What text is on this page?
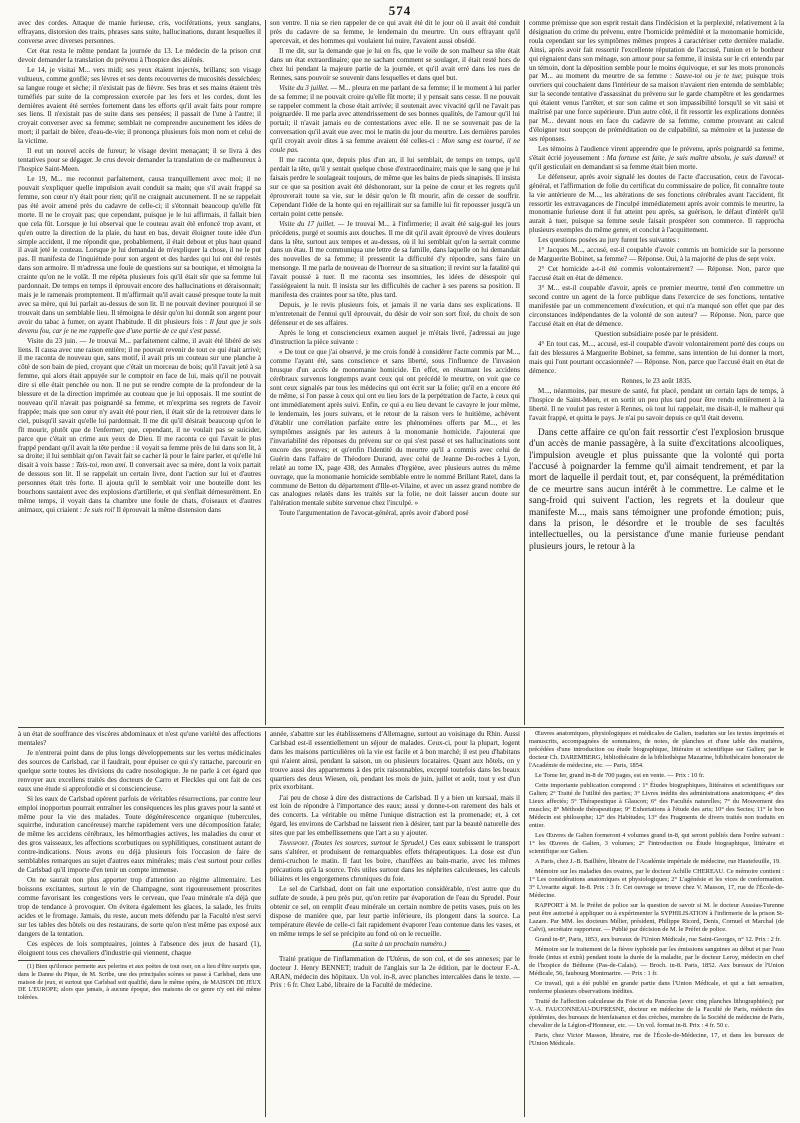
574

avec des cordes. Attaque de manie furieuse, cris, vociférations, yeux sanglans, effrayans, distorsion des traits, phrases sans suite, hallucinations, durant lesquelles il converse avec diverses personnes.

Cet état resta le même pendant la journée du 13. Le médecin de la prison crut devoir demander la translation du prévenu à l'hospice des aliénés.

Le 14, je visitai M... vers midi; ses yeux étaient injectés, brillans; son visage vultueux, comme gonflé; ses lèvres et ses dents recouvertes de mucosités desséchées; sa langue rouge et sèche; il n'existait pas de fièvre. Ses bras et ses mains étaient très tuméfiés par suite de la compression exercée par les fers et les cordes, dont les dernières avaient été serrées fortement dans les efforts qu'il avait faits pour rompre ses liens. Il n'existait pas de suite dans ses pensées; il passait de l'une à l'autre; il croyait converser avec sa femme; semblait ne comprendre aucunement les idées de mort; il parlait de bière, d'eau-de-vie; il prononça plusieurs fois mon nom et celui de la victime.

Il eut un nouvel accès de fureur; le visage devint menaçant; il se livra à des tentatives pour se dégager. Je crus devoir demander la translation de ce malheureux à l'hospice Saint-Meen.

Le 19, M... me reconnut parfaitement, causa tranquillement avec moi; il ne pouvait s'expliquer quelle impulsion avait conduit sa main; que s'il avait frappé sa femme, son cœur n'y était pour rien; qu'il ne craignait aucunement. Il ne se rappelait pas été avoir amené près du cadavre de celle-ci; il s'étonnait beaucoup qu'elle fût morte. Il ne le croyait pas; que cependant, puisque je le lui affirmais, il fallait bien que cela fût. Lorsque je lui observai que le couteau avait été enfoncé trop avant, et qu'en outre la direction de la plaie, du haut en bas, devait éloigner toute idée d'un simple accident, il me répondit que, probablement, il était debout et plus haut quand il avait jeté le couteau. Lorsque je lui demandai de m'expliquer la chose, il ne le put pas. Il manifesta de l'inquiétude pour son argent et des hardes qui lui ont été restés dans son armoire. Il m'adressa une foule de questions sur sa boutique, et témoigna la crainte qu'on ne le volât. Il me répéta plusieurs fois qu'il était sûr que sa femme lui pardonnait. De temps en temps il éprouvait encore des hallucinations et déraisonnait; mais je le ramenais promptement. Il m'affirmait qu'il avait causé presque toute la nuit avec sa mère, qui lui parlait au-dessus de son lit. Il ne pouvait deviner pourquoi il se trouvait dans un semblable lieu. Il témoigna le désir qu'on lui donnât son argent pour avoir du tabac à fumer, on ayant l'habitude. Il dit plusieurs fois : Il faut que je sois devenu fou, car je ne me rappelle que d'une partie de ce qui s'est passé.

Visite du 23 juin. — Je trouvai M... parfaitement calme, il avait été libéré de ses liens. Il causa avec une raison entière; il ne pouvait revenir de tout ce qui était arrivé; il me raconta de nouveau que, sans motif, il avait pris un couteau sur une planche à côté de son bain de pied, croyant que c'était un morceau de bois; qu'il l'avait jeté à sa femme, qui alors était appuyée sur le comptoir en face de lui, mais qu'il ne pouvait dire si elle était penchée ou non. Il ne put se rendre compte de la profondeur de la blessure et de la direction imprimée au couteau que je lui opposais. Il me soutint de nouveau qu'il n'avait pas poignardé sa femme, et m'exprima ses regrets de l'avoir frappée; mais que son cœur n'y avait été pour rien, il était sûr de la retrouver dans le ciel, puisqu'il savait qu'elle lui pardonnait. Il me dit qu'il désirait beaucoup qu'on le fît mourir, plutôt que de l'enfermer; que, cependant, il ne voulait pas se suicider, parce que c'était un crime aux yeux de Dieu. Il me raconta ce qui l'avait le plus frappé pendant qu'il avait la tête perdue : il voyait sa femme près de lui dans son lit, à sa droite; il lui semblait qu'on l'avait fait se cacher là pour le faire parler, et qu'elle lui disait à voix basse : Tais-toi, mon ami. Il conversait avec sa mère, dont la voix partait de dessous son lit. Il se rappelait un certain livre, dont l'action sur lui et d'autres personnes était très forte. Il ajouta qu'il le semblait voir une bouteille dont les bouchons sautaient avec des explosions d'artillerie, et qui s'enflait démesurément. En même temps, il voyait dans la chambre une foule de chats, d'oiseaux et d'autres animaux, qui criaient : Je suis roi! Il éprouvait la même distension dans

son ventre. Il nia se rien rappeler de ce qui avait été dit le jour où il avait été conduit près du cadavre de sa femme, le lendemain du meurtre. Un ours effrayant qu'il apercevait, et des hommes qui voulaient lui nuire, l'avaient aussi obsédé.

Il me dit, sur la demande que je lui en fis, que le voile de son malheur sa tête était dans un état extraordinaire; que ne sachant comment se soulager, il était resté hors de chez lui pendant la majeure partie de la journée, et qu'il avait erré dans les rues de Rennes, sans pouvoir se souvenir dans lesquelles et dans quel but.

Visite du 3 juillet. — M... pleura en me parlant de sa femme; il le moment à lui parler de sa femme; il ne pouvait croire qu'elle fût morte; il y pensait sans cesse. Il ne pouvait se rappeler comment la chose était arrivée; il soutenait avec vivacité qu'il ne l'avait pas poignardée. Il me parla avec attendrissement de ses bonnes qualités, de l'amour qu'il lui portait; il n'avait jamais eu de contestations avec elle. Il ne se souvenait pas de la conversation qu'il avait eue avec moi le matin du jour du meurtre. Les dernières paroles qu'il croyait avoir dites à sa femme avaient été celles-ci : Mon sang est tourné, il ne coule pas.

Il me raconta que, depuis plus d'un an, il lui semblait, de temps en temps, qu'il perdait la tête, qu'il y sentait quelque chose d'extraordinaire; mais que le sang que je lui faisais perdre le soulageait toujours, de même que les bains de pieds sinapisés. Il insista sur ce que sa position avait été déshonorant, sur la peine de cœur et les regrets qu'il éprouverait toute sa vie, sur le désir qu'on le fît mourir, afin de cesser de souffrir. Cependant l'idée de la honte qui en rejaillirait sur sa famille lui fit repousser jusqu'à un certain point cette pensée.

Visite du 17 juillet. — Je trouvai M... à l'infirmerie; il avait été saig-gué les jours précédens, purgé et soumis aux douches. Il me dit qu'il avait éprouvé de vives douleurs dans la tête, surtout aux tempes et au-dessus, où il lui semblait qu'on la serrait comme dans un étau. Il me communiqua une lettre de sa famille, dans laquelle on lui demandait des nouvelles de sa femme; il pressentit la difficulté d'y répondre, sans faire un mensonge. Il me parla de nouveau de l'horreur de sa situation; il revint sur la fatalité qui l'avait poussé à tuer. Il me raconta ses insomnies, les idées de désespoir qui l'assiégeaient la nuit. Il insista sur les difficultés de cacher à ses parens sa position. Il manifesta des craintes pour sa tête, plus tard.

Depuis, je le revis plusieurs fois, et jamais il ne varia dans ses explications. Il m'entretenait de l'ennui qu'il éprouvait, du désir de voir son sort fixé, du choix de son défenseur et de ses affaires.

Après le long et consciencieux examen auquel je m'étais livré, j'adressai au juge d'instruction la pièce suivante :

« De tout ce que j'ai observé, je me crois fondé à considérer l'acte commis par M..., comme l'ayant été, sans conscience et sans liberté, sous l'influence de l'invasion brusque d'un accès de monomanie homicide. En effet, en résumant les accidens cérébraux survenus longtemps avant ceux qui ont précédé le meurtre, on voit que ce sont ceux signalés par tous les médecins qui ont écrit sur la folie; qu'il en a encore été de même, si l'on passe à ceux qui ont eu lieu lors de la perpétration de l'acte, à ceux qui ont immédiatement après suivi. Enfin, ce qui a eu lieu devant le cavayre le jour même, le lendemain, les jours suivans, et le retour de la raison vers le huitième, achèvent d'établir une corrélation parfaite entre les phénomènes offerts par M..., et les symptômes assignés par les auteurs à la monomanie homicide. J'ajouterai que l'invariabilité des réponses du prévenu sur ce qui s'est passé et ses hallucinations sont encore des preuves; et qu'enfin l'identité du meurtre qu'il a commis avec celui de Guérin dans l'affaire de Théodore Durand, avec celui de Jeanne De-rocbes à Lyon, relaté au tome IX, page 438, des Annales d'hygiène, avec plusieurs autres du même ouvrage, que la monomanie homicide semblable entre le nommé Brillant Ratel, dans la commune de Betton du département d'Ille-et-Vilaine, et avec un assez grand nombre de cas analogues relatés dans les traités sur la folie, ne doit laisser aucun doute sur l'altération mentale subite survenue chez l'inculpé. »

Toute l'argumentation de l'avocat-général, après avoir d'abord posé

comme prémisse que son esprit restait dans l'indécision et la perplexité, relativement à la désignation du crime du prévenu, entre l'homicide prémédité et la monomanie homicide, roula cependant sur les symptômes mêmes propres à caractériser cette dernière maladie. Ainsi, après avoir fait ressortir l'excellente réputation de l'accusé, l'union et le bonheur qui régnaient dans son ménage, son amour pour sa femme, il insista sur le cri entendu par un témoin, dont la déposition semble pour le moins équivoque, et sur les mots prononcés par M... au moment du meurtre de sa femme : Sauve-toi ou je te tue; puisque trois ouvriers qui couchaient dans l'intérieur de sa maison n'avaient rien entendu de semblable; sur la seconde tentative d'assassinat du prévenu sur le garde champêtre et les gendarmes qui étaient venus l'arrêter, et sur son calme et son impassibilité lorsqu'il se vit saisi et maîtrisé par une force supérieure. D'un autre côté, il fit ressortir les explications données par M... devant nous en face du cadavre de sa femme, comme prouvant au calcul d'éloigner tout soupçon de préméditation ou de culpabilité, sa mémoire et la justesse de ses réponses.

Les témoins à l'audience virent apprendre que le prévenu, après poignardé sa femme, s'était écrié joyeusement : Ma fortune est faite, je suis maître absolu, je suis damné! et qu'il gesticulait en demandant si sa femme était bien morte.

Le défenseur, après avoir signalé les doutes de l'acte d'accusation, ceux de l'avocat-général, et l'affirmation de folie du certificat du commissaire de police, fit connaître toute la vie antérieure de M..., les altérations de ses fonctions cérébrales avant l'accident, fit ressortir les extravagances de l'inculpé immédiatement après avoir commis le meurtre, la monomanie furieuse dont il fut atteint peu après, sa guérison, le défaut d'intérêt qu'il aurait à tuer, puisque sa femme seule faisait prospérer son commerce. Il rapprocha plusieurs exemples du même genre, et conclut à l'acquittement.

Les questions posées au jury furent les suivantes :

1° Jacques M..., accusé, est-il coupable d'avoir commis un homicide sur la personne de Marguerite Bobinet, sa femme? — Réponse. Oui, à la majorité de plus de sept voix.

2° Cet homicide a-t-il été commis volontairement? — Réponse. Non, parce que l'accusé était en état de démence.

3° M... est-il coupable d'avoir, après ce premier meurtre, tenté d'en commettre un second contre un agent de la force publique dans l'exercice de ses fonctions, tentative manifestée par un commencement d'exécution, et qui n'a manqué son effet que par des circonstances indépendantes de la volonté de son auteur? — Réponse. Non, parce que l'accusé était en état de démence.

Question subsidiaire posée par le président.

4° En tout cas, M..., accusé, est-il coupable d'avoir volontairement porté des coups ou fait des blessures à Marguerite Bobinet, sa femme, sans intention de lui donner la mort, mais qui l'ont pourtant occasionnée? — Réponse. Non, parce que l'accusé était en état de démence.

Rennes, le 23 août 1835.

M..., néanmoins, par mesure de santé, fut placé, pendant un certain laps de temps, à l'hospice de Saint-Meen, et en sortit un peu plus tard pour être rendu entièrement à la liberté. Il ne voulut pas rester à Rennes, où tout lui rappelait, me disait-il, le malheur qui l'avait frappé, et quitta le pays. Je n'ai pu savoir depuis ce qu'il était devenu.

Dans cette affaire ce qu'on fait ressortir c'est l'explosion brusque d'un accès de manie passagère, à la suite d'excitations alcooliques, l'impulsion aveugle et plus puissante que la volonté qui porta l'accusé à poignarder la femme qu'il aimait tendrement, et par la mort de laquelle il perdait tout, et, par conséquent, la préméditation de ce meurtre sans aucun intérêt à le commettre. Le calme et le sang-froid qui suivent l'action, les regrets et la douleur que manifeste M..., mais sans témoigner une profonde émotion; puis, dans la prison, le désordre et le trouble de ses facultés intellectuelles, ou la persistance d'une manie furieuse pendant plusieurs jours, le retour à la

à un état de souffrance des viscères abdominaux et n'est qu'une variété des affections mentales?

Je n'entrerai point dans de plus longs développements sur les vertus médicinales des sources de Carlsbad, car il faudrait, pour épuiser ce qui s'y rattache, parcourir en quelque sorte toutes les divisions du cadre nosologique. Je ne parle à cet égard que renvoyer aux excellens traités des docteurs de Carro et Fleckles qui ont fait de ces eaux une étude si approfondie et si consciencieuse.

Si les eaux de Carlsbad opèrent parfois de véritables résurrections, par contre leur emploi inopportun pourrait entraîner les conséquences les plus graves pour la santé et même pour la vie des malades. Toute dégénérescence organique (tubercules, squirrhe, induration cancéreuse) marche rapidement vers une décomposition fatale; de même les accidens cérébraux, les hémorrhagies actives, les maladies du cœur et des gros vaisseaux, les affections scorbutiques ou syphilitiques, constituent autant de contre-indications. Nous avons eu déjà plusieurs fois l'occasion de faire de semblables remarques au sujet d'autres eaux minérales; mais c'est surtout pour celles de Carlsbad qu'il importe d'en tenir un compte immense.

On ne saurait non plus apporter trop d'attention au régime alimentaire. Les boissons excitantes, surtout le vin de Champagne, sont rigoureusement proscrites comme favorisant les congestions vers le cerveau, que l'eau minérale n'a déjà que trop de tendance à provoquer. On évitera également les glaces, la salade, les fruits acides et le fromage. Jamais, du reste, aucun mets défendu par la Faculté n'est servi sur les tables des hôtels ou des restaurans, de sorte qu'on n'est même pas exposé aux dangers de la tentation.

Ces espèces de lois somptuaires, jointes à l'absence des jeux de hasard (1), éloignent tous ces chevaliers d'industrie qui viennent, chaque

(1) Bien qu'ilorace permette aux pelerins et aux poètes de tout oser, on a lieu d'être surpris que, dans le Danne du Pique, de M. Scribe, une des principales scènes se passe à Carlsbad, dans une maison de jeux, et surtout que Carlsbad soit qualifié, dans le même opéra, de MAISON DE JEUX DE L'EUROPE; alors que jamais, à aucune époque, des maisons de ce genre n'y ont été même tolérées.

année, s'abattre sur les établissemens d'Allemagne, surtout au voisinage du Rhin. Aussi Carlsbad est-il essentiellement un séjour de malades. Ceux-ci, pour la plupart, logent dans les maisons particulières où la vie est facile et à bon marché; il est peu d'habitans qui n'aient ainsi, pendant la saison, un ou plusieurs locataires. Quant aux hôtels, on y trouve aussi des appartemens à des prix raisonnables, excepté toutefois dans les beaux quartiers des deux Wiesen, où, pendant les mois de juin, juillet et août, tout y est d'un prix exorbitant.

J'ai peu de chose à dire des distractions de Carlsbad. Il y a bien un kursaal, mais il est loin de répondre à l'importance des eaux; aussi y donne-t-on rarement des bals et des concerts. La véritable ou même l'unique distraction est la promenade; et, à cet égard, les environs de Carlsbad ne laissent rien à désirer, tant par la beauté naturelle des sites que par les embellissemens que l'art a su y ajouter.

Transport. (Toutes les sources, surtout le Sprudel.) Ces eaux subissent le transport sans s'altérer, et produisent de remarquables effets thérapeutiques. La dose est d'un demi-cruchon le matin. Il faut les boire, chauffées au bain-marie, avec les mêmes précautions qu'à la source. Très utiles surtout dans les néphrites calculeuses, les calculs biliaires et les engorgemens chroniques du foie.

Le sel de Carlsbad, dont on fait une exportation considérable, n'est autre que du sulfate de soude, à peu près pur, qu'on retire par évaporation de l'eau du Sprudel. Pour obtenir ce sel, on remplit d'eau minérale un certain nombre de petits vases, puis on les dispose de manière que, par leur partie inférieure, ils plongent dans la source. La température élevée de celle-ci fait rapidement évaporer l'eau contenue dans les vases, et en même temps le sel se précipite au fond où on le recueille.

(La suite à un prochain numéro.)

Traité pratique de l'inflammation de l'Utérus, de son col, et de ses annexes; par le docteur J. Henry BENNET; traduit de l'anglais sur la 2e édition, par le docteur F.-A. ARAN, médecin des hôpitaux. Un vol. in-8, avec planches intercalées dans le texte. — Prix : 6 fr. Chez Labé, libraire de la Faculté de médecine.

Œuvres anatomiques, physiologiques et médicales de Galien, traduites sur les textes imprimés et manuscrits, accompagnées de sommaires, de notes, de planches et d'une table des matières, précédées d'une introduction ou étude biographique, littéraire et scientifique sur Galien; par le docteur Ch. DAREMBERG, bibliothécaire de la bibliothèque Mazarine, bibliothécaire honoraire de l'Académie de médecine, etc. — Paris, 1854.

Le Tome Ier, grand in-8 de 700 pages, est en vente. — Prix : 10 fr.

Cette importante publication comprend : 1° Études biographiques, littéraires et scientifiques sur Galien; 2° Traité de l'utilité des parties; 3° Livres inédits des administrations anatomiques; 4° des Lieux affectés; 5° Thérapeutique à Glaucon; 6° des Facultés naturelles; 7° du Mouvement des muscles; 8° Méthode thérapeutique; 9° Exhortations à l'étude des arts; 10° des Sectes; 11° le bon Médecin est philosophe; 12° des Habitudes; 13° des Fragments de divers traités non traduits en entier.

Les Œuvres de Galien formeront 4 volumes grand in-8, qui seront publiés dans l'ordre suivant : 1° les Œuvres de Galien, 3 volumes; 2° l'introduction ou Étude biographique, littéraire et scientifique sur Galien.

A Paris, chez J.-B. Baillière, libraire de l'Académie impériale de médecine, rue Hautefeuille, 19.

Mémoire sur les maladies des ovaires, par le docteur Achille CHEREAU. Ce mémoire contient : 1° Les considérations anatomiques et physiologiques; 2° L'agénésie et les vices de conformation. 3° L'ovarite aiguë. In-8. Prix : 3 fr. Cet ouvrage se trouve chez V. Masson, 17, rue de l'École-de-Médecine.

RAPPORT à M. le Préfet de police sur la question de savoir si M. le docteur Aussias-Turenne peut être autorisé à appliquer ou à expérimenter la SYPHILISATION à l'infirmerie de la prison St-Lazare. Par MM. les docteurs Mélier, président, Philippe Ricord, Denis, Cornuel et Marchal (de Calvi), secrétaire rapporteur. — Publié par décision de M. le Préfet de police.

Grand in-8°, Paris, 1853, aux bureaux de l'Union Médicale, rue Saint-Georges, n° 12. Prix : 2 fr.

Mémoire sur le traitement de la fièvre typhoïde par les émissions sanguines au début et par l'eau froide (intus et extrà) pendant toute la durée de la maladie, par le docteur Leroy, médecin en chef de l'hospice de Béthune (Pas-de-Calais). — Broch. in-8. Paris, 1852. Aux bureaux de l'Union Médicale, 56, faubourg Montmartre. — Prix : 1 fr.

Ce travail, qui a été publié en grande partie dans l'Union Médicale, et qui a fait sensation, renferme plusieurs observations inédites.

Traité de l'affection calculeuse du Foie et du Pancréas (avec cinq planches lithographiées); par V.-A. FAUCONNEAU-DUFRESNE, docteur en médecine de la Faculté de Paris, médecin des épidémies, des bureaux de bienfaisance et des crèches, membre de la Société de médecine de Paris, chevalier de la Légion-d'Honneur, etc. — Un vol. format in-8. Prix : 4 fr. 50 c.

Paris, chez Victor Masson, libraire, rue de l'École-de-Médecine, 17, et dans les bureaux de l'Union Médicale.
